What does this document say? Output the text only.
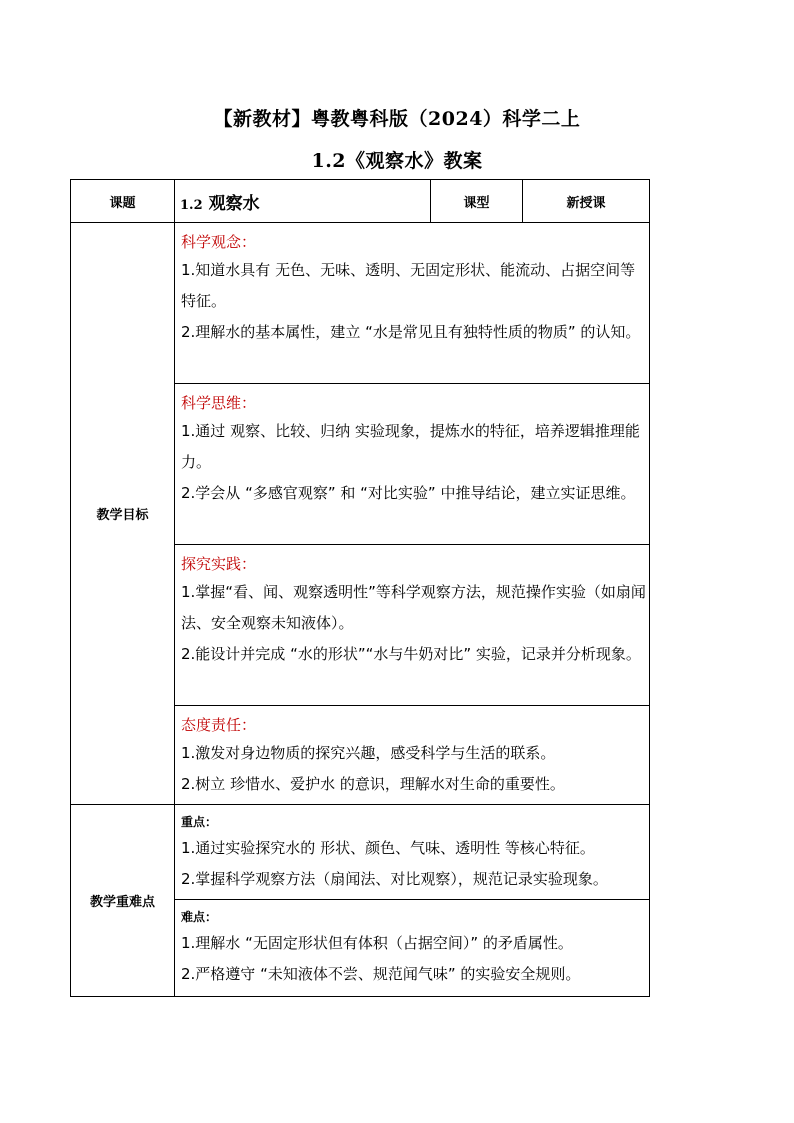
【新教材】粤教粤科版（2024）科学二上
1.2《观察水》教案
课题	1.2 观察水	课型	新授课
教学目标	科学观念：
1.知道水具有 无色、无味、透明、无固定形状、能流动、占据空间等特征。
2.理解水的基本属性，建立 “水是常见且有独特性质的物质” 的认知。		

	科学思维：
1.通过 观察、比较、归纳 实验现象，提炼水的特征，培养逻辑推理能力。
2.学会从 “多感官观察” 和 “对比实验” 中推导结论，建立实证思维。		

	探究实践：
1.掌握“看、闻、观察透明性”等科学观察方法，规范操作实验（如扇闻法、安全观察未知液体）。
2.能设计并完成 “水的形状”“水与牛奶对比” 实验，记录并分析现象。		

	态度责任：
1.激发对身边物质的探究兴趣，感受科学与生活的联系。
2.树立 珍惜水、爱护水 的意识，理解水对生命的重要性。		

教学重难点	重点：
1.通过实验探究水的 形状、颜色、气味、透明性 等核心特征。
2.掌握科学观察方法（扇闻法、对比观察），规范记录实验现象。		

	难点：
1.理解水 “无固定形状但有体积（占据空间）” 的矛盾属性。
2.严格遵守 “未知液体不尝、规范闻气味” 的实验安全规则。		
